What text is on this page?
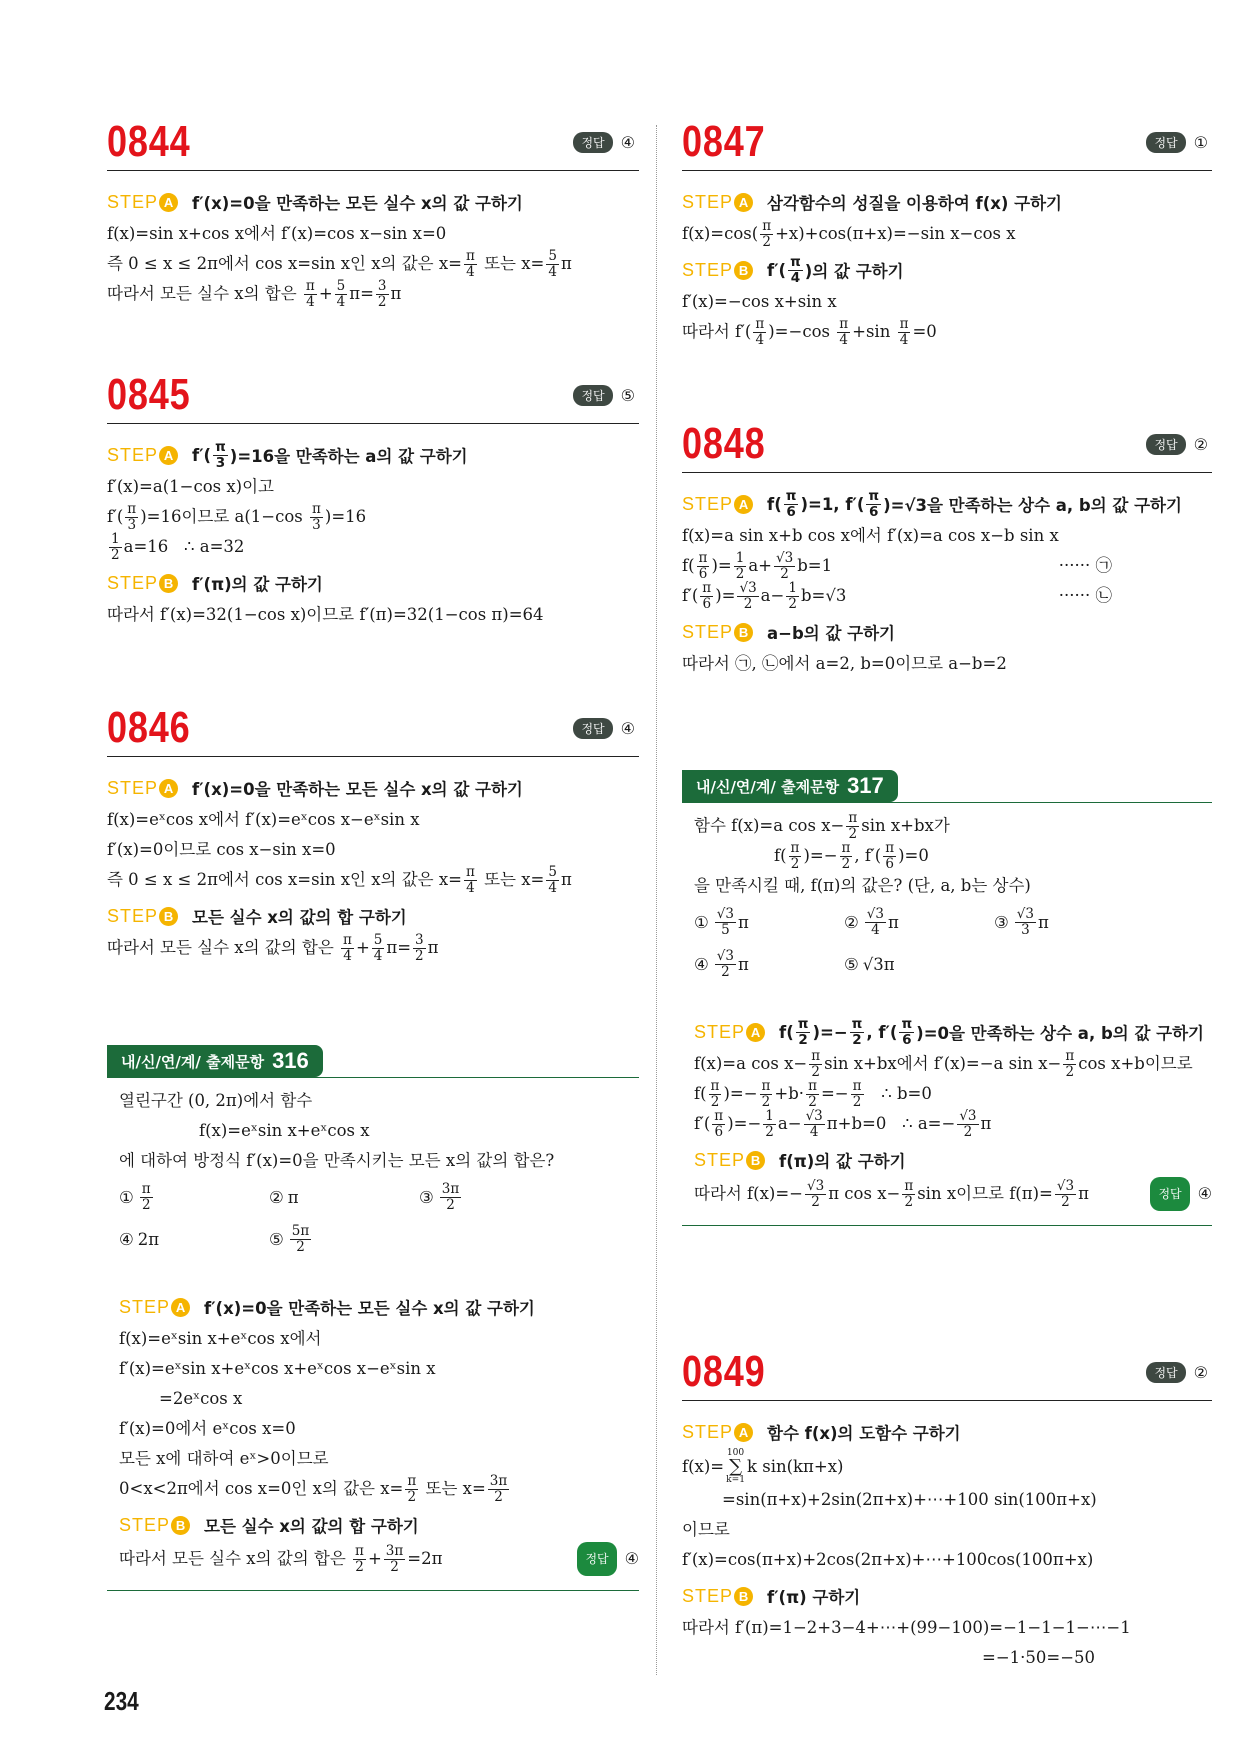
0844	정답	④
STEP A f′(x)=0을 만족하는 모든 실수 x의 값 구하기
f(x)=sin x+cos x에서 f′(x)=cos x−sin x=0
즉 0 ≤ x ≤ 2π에서 cos x=sin x인 x의 값은 $x= \frac{\pi}{4}$ 또는 $x= \frac{5}{4}$ π
따라서 모든 실수 x의 합은 $\frac{\pi}{4} + \frac{5}{4} \pi= \frac{3}{2}$ π
0845	정답	⑤
STEP A $f'( \frac{\pi}{3} )=16$을 만족하는 a의 값 구하기
f′(x)=a(1−cos x)이고
$f'( \frac{\pi}{3} )=16$이므로 $a(1-\cos \frac{\pi}{3} )=16$
$\frac{1}{2} a=16$   ∴ a=32
STEP B f′(π)의 값 구하기
따라서 f′(x)=32(1−cos x)이므로 f′(π)=32(1−cos π)=64
0846	정답	④
STEP A f′(x)=0을 만족하는 모든 실수 x의 값 구하기
f(x)=eˣcos x에서 f′(x)=eˣcos x−eˣsin x
f′(x)=0이므로 cos x−sin x=0
즉 0 ≤ x ≤ 2π에서 cos x=sin x인 x의 값은 $x= \frac{\pi}{4}$ 또는 $x= \frac{5}{4}$ π
STEP B 모든 실수 x의 값의 합 구하기
따라서 모든 실수 x의 값의 합은 $\frac{\pi}{4} + \frac{5}{4} \pi= \frac{3}{2}$ π
내/신/연/계/ 출제문항 316
열린구간 (0, 2π)에서 함수
f(x)=eˣsin x+eˣcos x
에 대하여 방정식 f′(x)=0을 만족시키는 모든 x의 값의 합은?
① $\frac{\pi}{2}$	② π	③ $\frac{3\pi}{2}$
④ 2π	⑤ $\frac{5\pi}{2}$
STEP A f′(x)=0을 만족하는 모든 실수 x의 값 구하기
f(x)=eˣsin x+eˣcos x에서
f′(x)=eˣsin x+eˣcos x+eˣcos x−eˣsin x
=2eˣcos x
f′(x)=0에서 eˣcos x=0
모든 x에 대하여 eˣ>0이므로
0<x<2π에서 cos x=0인 x의 값은 $x= \frac{\pi}{2}$ 또는 $x= \frac{3\pi}{2}$
STEP B 모든 실수 x의 값의 합 구하기
따라서 모든 실수 x의 값의 합은 $\frac{\pi}{2} + \frac{3\pi}{2} =2\pi$	정답	④
0847	정답	①
STEP A 삼각함수의 성질을 이용하여 f(x) 구하기
$f(x)=\cos( \frac{\pi}{2} +x)+\cos(\pi+x)=-\sin$ x−cos x
STEP B $f'( \frac{\pi}{4}$ )의 값 구하기
f′(x)=−cos x+sin x
따라서 $f'( \frac{\pi}{4} )=-\cos \frac{\pi}{4} +\sin \frac{\pi}{4} =0$
0848	정답	②
STEP A $f( \frac{\pi}{6} )=1$, $f'( \frac{\pi}{6} )=√3$을 만족하는 상수 a, b의 값 구하기
f(x)=a sin x+b cos x에서 f′(x)=a cos x−b sin x
$f( \frac{\pi}{6}$ )= $\frac{1}{2} a+ \frac{√3}{2} b=1$	······ ㉠
$f'( \frac{\pi}{6}$ )= $\frac{√3}{2} a- \frac{1}{2} b=√3$	······ ㉡
STEP B a−b의 값 구하기
따라서 ㉠, ㉡에서 a=2, b=0이므로 a−b=2
내/신/연/계/ 출제문항 317
함수 f(x)=a $\cos x- \frac{\pi}{2}$ sin x+bx가
$f( \frac{\pi}{2}$ )=− $\frac{\pi}{2}$ , $f'( \frac{\pi}{6} )=0$
을 만족시킬 때, f(π)의 값은? (단, a, b는 상수)
① $\frac{√3}{5}$ π	② $\frac{√3}{4}$ π	③ $\frac{√3}{3}$ π
④ $\frac{√3}{2}$ π	⑤ √3π
STEP A $f( \frac{\pi}{2}$ )=− $\frac{\pi}{2}$ , $f'( \frac{\pi}{6} )=0$을 만족하는 상수 a, b의 값 구하기
f(x)=a $\cos x- \frac{\pi}{2}$ sin x+bx에서 f′(x)=−a $\sin x- \frac{\pi}{2}$ cos x+b이므로
$f( \frac{\pi}{2}$ )=− $\frac{\pi}{2} +b\cdot \frac{\pi}{2} =- \frac{\pi}{2}$ ∴ b=0
$f'( \frac{\pi}{6}$ )=− $\frac{1}{2} a- \frac{√3}{4} \pi+b=0$   ∴ $a=- \frac{√3}{2}$ π
STEP B f(π)의 값 구하기
따라서 $f(x)=- \frac{√3}{2}$ π $\cos x- \frac{\pi}{2}$ sin x이므로 $f(\pi)= \frac{√3}{2}$ π	정답	④
0849	정답	②
STEP A 함수 f(x)의 도함수 구하기
f(x)=
100
∑
k=1
k sin(kπ+x)
=sin(π+x)+2sin(2π+x)+⋯+100 sin(100π+x)
이므로
f′(x)=cos(π+x)+2cos(2π+x)+⋯+100cos(100π+x)
STEP B f′(π) 구하기
따라서 f′(π)=1−2+3−4+⋯+(99−100)=−1−1−1−⋯−1
=−1·50=−50
234
